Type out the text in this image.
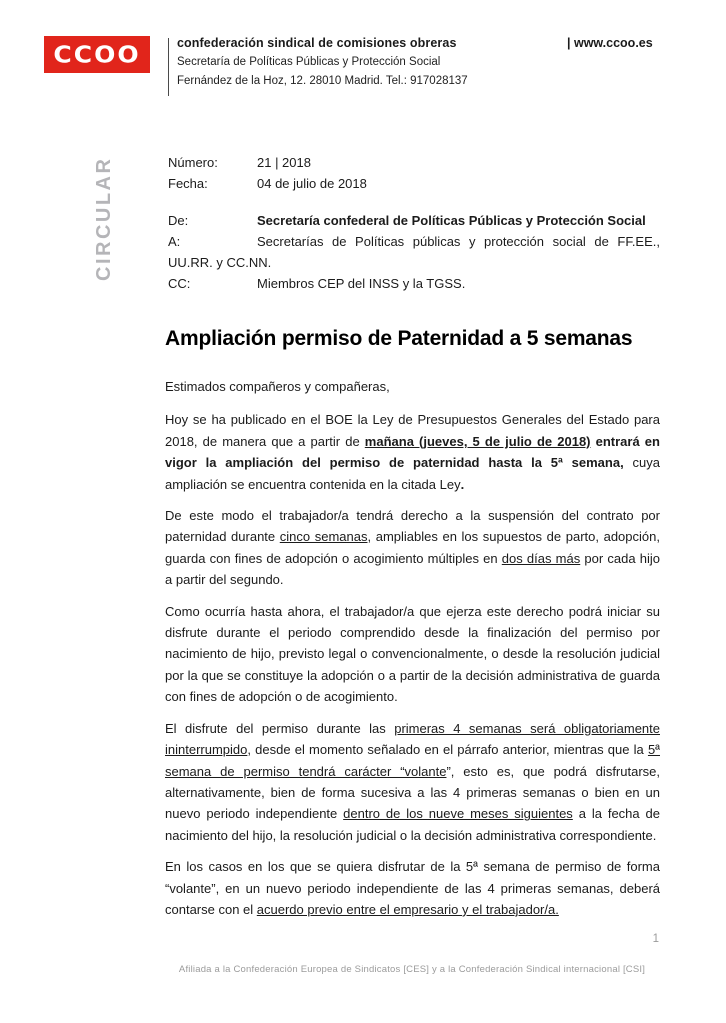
CCOO	confederación sindical de comisiones obreras
Secretaría de Políticas Públicas y Protección Social
Fernández de la Hoz, 12. 28010 Madrid. Tel.: 917028137
| www.ccoo.es
CIRCULAR	Número:	21 | 2018
Fecha:	04 de julio de 2018
De:	Secretaría confederal de Políticas Públicas y Protección Social
A:	Secretarías de Políticas públicas y protección social de FF.EE.,
UU.RR. y CC.NN.
CC:	Miembros CEP del INSS y la TGSS.
Ampliación permiso de Paternidad a 5 semanas

Estimados compañeros y compañeras,

Hoy se ha publicado en el BOE la Ley de Presupuestos Generales del Estado para 2018, de manera que a partir de mañana (jueves, 5 de julio de 2018) entrará en vigor la ampliación del permiso de paternidad hasta la 5ª semana, cuya ampliación se encuentra contenida en la citada Ley.

De este modo el trabajador/a tendrá derecho a la suspensión del contrato por paternidad durante cinco semanas, ampliables en los supuestos de parto, adopción, guarda con fines de adopción o acogimiento múltiples en dos días más por cada hijo a partir del segundo.

Como ocurría hasta ahora, el trabajador/a que ejerza este derecho podrá iniciar su disfrute durante el periodo comprendido desde la finalización del permiso por nacimiento de hijo, previsto legal o convencionalmente, o desde la resolución judicial por la que se constituye la adopción o a partir de la decisión administrativa de guarda con fines de adopción o de acogimiento.

El disfrute del permiso durante las primeras 4 semanas será obligatoriamente ininterrumpido, desde el momento señalado en el párrafo anterior, mientras que la 5ª semana de permiso tendrá carácter “volante”, esto es, que podrá disfrutarse, alternativamente, bien de forma sucesiva a las 4 primeras semanas o bien en un nuevo periodo independiente dentro de los nueve meses siguientes a la fecha de nacimiento del hijo, la resolución judicial o la decisión administrativa correspondiente.

En los casos en los que se quiera disfrutar de la 5ª semana de permiso de forma “volante”, en un nuevo periodo independiente de las 4 primeras semanas, deberá contarse con el acuerdo previo entre el empresario y el trabajador/a.

1
Afiliada a la Confederación Europea de Sindicatos [CES] y a la Confederación Sindical internacional [CSI]
